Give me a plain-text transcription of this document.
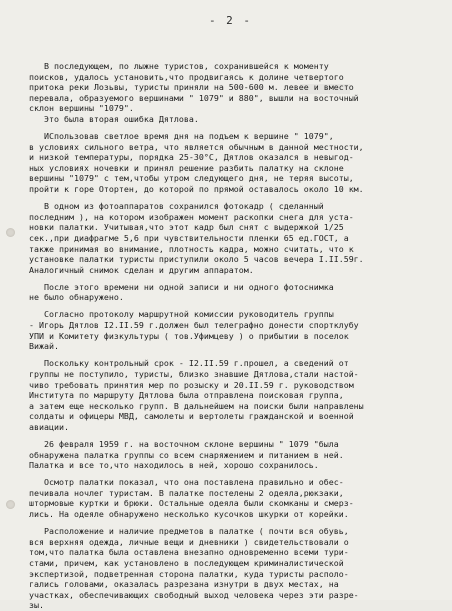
- 2 -
В последующем, по лыжне туристов, сохранившейся к моменту
поисков, удалось установить,что продвигаясь к долине четвертого
притока реки Лозьвы, туристы приняли на 500-600 м. левее и вместо
перевала, образуемого вершинами " 1079" и 880", вышли на восточный
склон вершины "1079".
Это была вторая ошибка Дятлова.
ИСпользовав светлое время дня на подъем к вершине " 1079",
в условиях сильного ветра, что является обычным в данной местности,
и низкой температуры, порядка 25-30°С, Дятлов оказался в невыгод-
ных условиях ночевки и принял решение разбить палатку на склоне
вершины "1079" с тем,чтобы утром следующего дня, не теряя высоты,
пройти к горе Отортен, до которой по прямой оставалось около 10 км.
В одном из фотоаппаратов сохранился фотокадр ( сделанный
последним ), на котором изображен момент раскопки снега для уста-
новки палатки. Учитывая,что этот кадр был снят с выдержкой 1/25
сек.,при диафрагме 5,6 при чувствительности пленки 65 ед.ГОСТ, а
также принимая во внимание, плотность кадра, можно считать, что к
установке палатки туристы приступили около 5 часов вечера I.II.59г.
Аналогичный снимок сделан и другим аппаратом.
После этого времени ни одной записи и ни одного фотоснимка
не было обнаружено.
Согласно протоколу маршрутной комиссии руководитель группы
- Игорь Дятлов I2.II.59 г.должен был телеграфно донести спортклубу
УПИ и Комитету физкультуры ( тов.Уфимцеву ) о прибытии в поселок
Вижай.
Поскольку контрольный срок - I2.II.59 г.прошел, а сведений от
группы не поступило, туристы, близко знавшие Дятлова,стали настой-
чиво требовать принятия мер по розыску и 20.II.59 г. руководством
Института по маршруту Дятлова была отправлена поисковая группа,
а затем еще несколько групп. В дальнейшем на поиски были направлены
солдаты и офицеры МВД, самолеты и вертолеты гражданской и военной
авиации.
26 февраля 1959 г. на восточном склоне вершины " 1079 "была
обнаружена палатка группы со всем снаряжением и питанием в ней.
Палатка и все то,что находилось в ней, хорошо сохранилось.
Осмотр палатки показал, что она поставлена правильно и обес-
печивала ночлег туристам. В палатке постелены 2 одеяла,рюкзаки,
штормовые куртки и брюки. Остальные одеяла были скомканы и смерз-
лись. На одеяле обнаружено несколько кусочков шкурки от корейки.
Расположение и наличие предметов в палатке ( почти вся обувь,
вся верхняя одежда, личные вещи и дневники ) свидетельствовали о
том,что палатка была оставлена внезапно одновременно всеми тури-
стами, причем, как установлено в последующем криминалистической
экспертизой, подветренная сторона палатки, куда туристы располо-
гались головами, оказалась разрезана изнутри в двух местах, на
участках, обеспечивающих свободный выход человека через эти разре-
зы.
